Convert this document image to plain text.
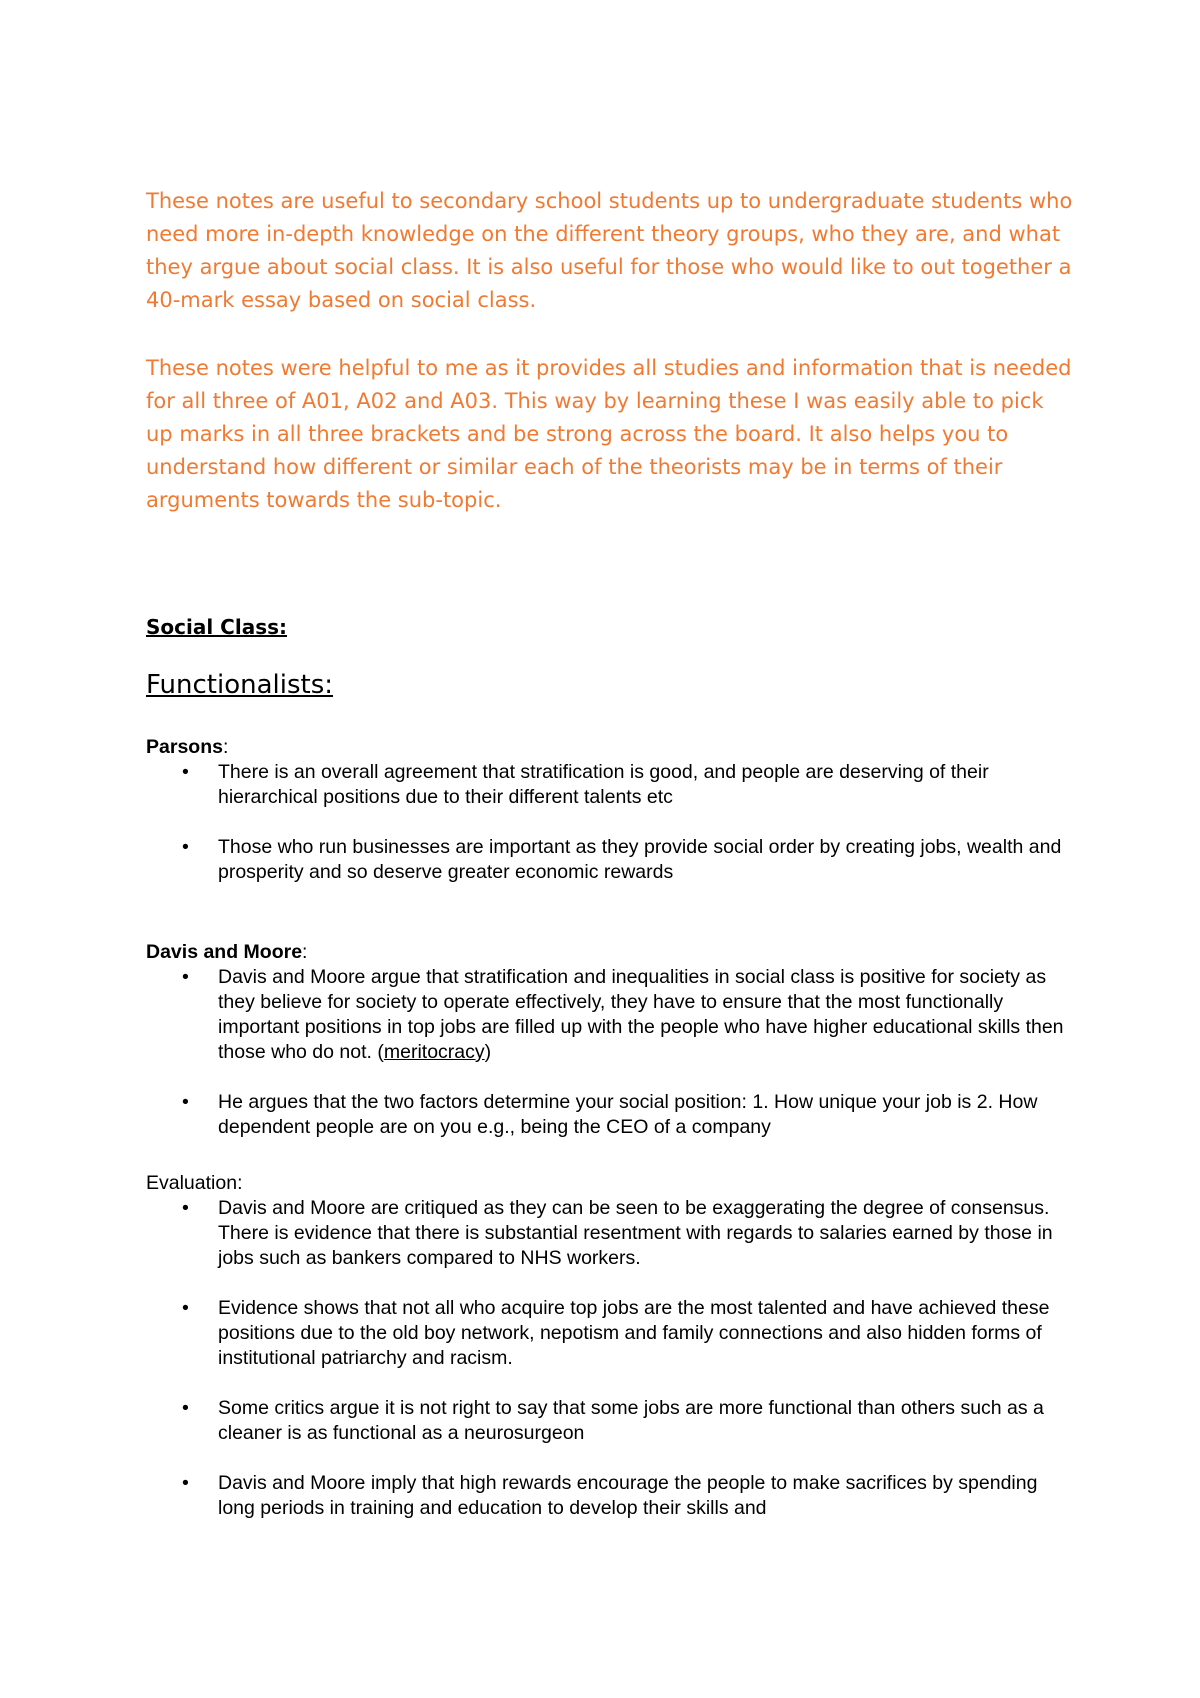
These notes are useful to secondary school students up to undergraduate students who need more in-depth knowledge on the different theory groups, who they are, and what they argue about social class. It is also useful for those who would like to out together a 40-mark essay based on social class.

These notes were helpful to me as it provides all studies and information that is needed for all three of A01, A02 and A03. This way by learning these I was easily able to pick up marks in all three brackets and be strong across the board. It also helps you to understand how different or similar each of the theorists may be in terms of their arguments towards the sub-topic.

Social Class:

Functionalists:
Parsons:
• There is an overall agreement that stratification is good, and people are deserving of their hierarchical positions due to their different talents etc
• Those who run businesses are important as they provide social order by creating jobs, wealth and prosperity and so deserve greater economic rewards
Davis and Moore:
• Davis and Moore argue that stratification and inequalities in social class is positive for society as they believe for society to operate effectively, they have to ensure that the most functionally important positions in top jobs are filled up with the people who have higher educational skills then those who do not. (meritocracy)
• He argues that the two factors determine your social position: 1. How unique your job is 2. How dependent people are on you e.g., being the CEO of a company
Evaluation:
• Davis and Moore are critiqued as they can be seen to be exaggerating the degree of consensus. There is evidence that there is substantial resentment with regards to salaries earned by those in jobs such as bankers compared to NHS workers.
• Evidence shows that not all who acquire top jobs are the most talented and have achieved these positions due to the old boy network, nepotism and family connections and also hidden forms of institutional patriarchy and racism.
• Some critics argue it is not right to say that some jobs are more functional than others such as a cleaner is as functional as a neurosurgeon
• Davis and Moore imply that high rewards encourage the people to make sacrifices by spending long periods in training and education to develop their skills and
